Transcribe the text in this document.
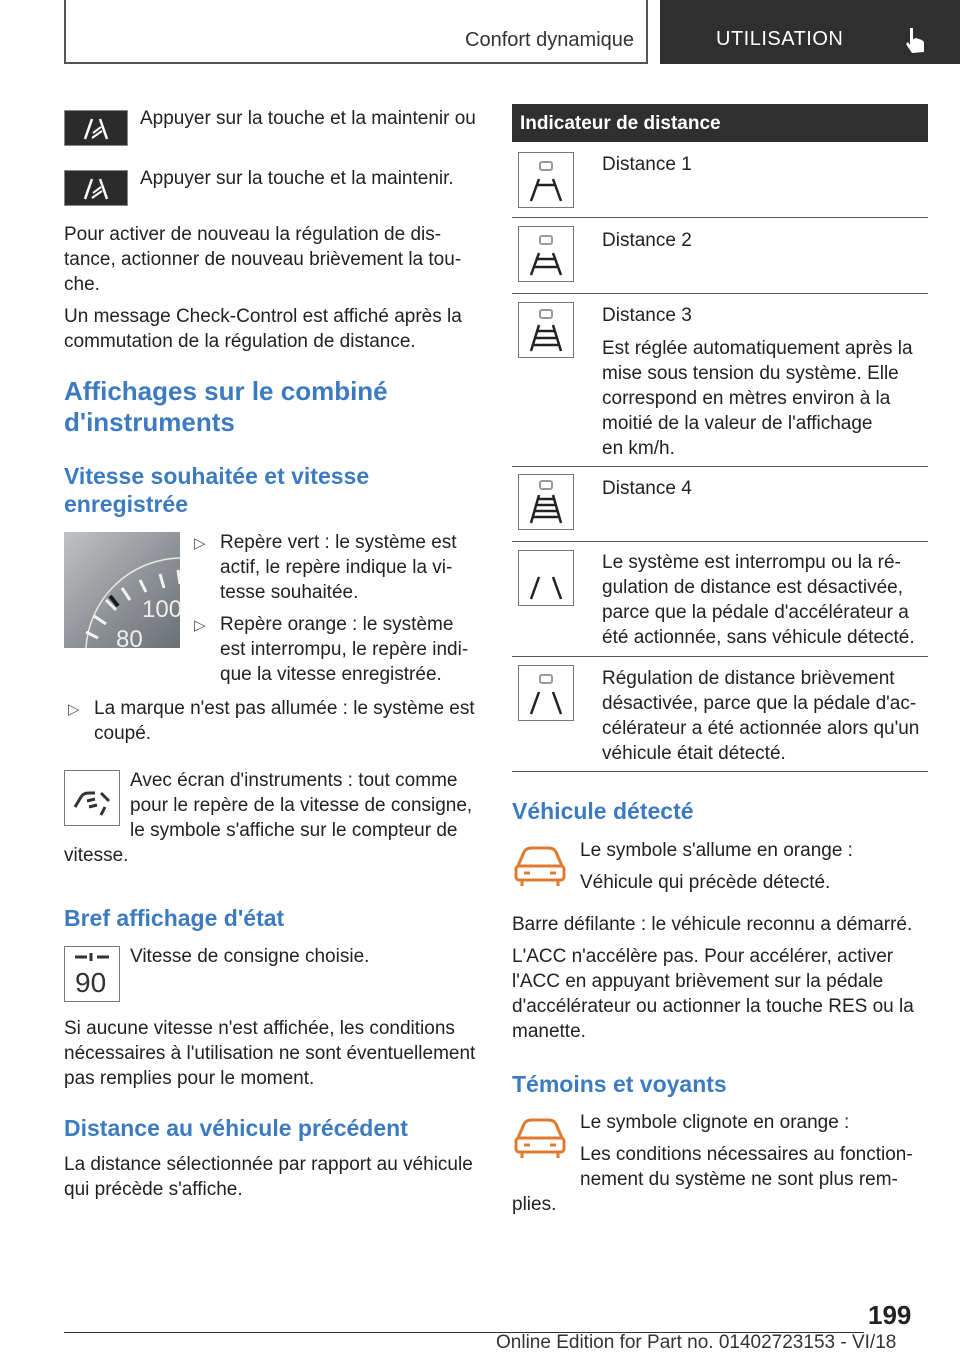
Confort dynamique	UTILISATION
Appuyer sur la touche et la maintenir ou
Appuyer sur la touche et la maintenir.
Pour activer de nouveau la régulation de dis-
tance, actionner de nouveau brièvement la tou-
che.
Un message Check-Control est affiché après la
commutation de la régulation de distance.
Affichages sur le combiné
d'instruments
Vitesse souhaitée et vitesse
enregistrée
100
80
▷ Repère vert : le système est
actif, le repère indique la vi-
tesse souhaitée.
▷ Repère orange : le système
est interrompu, le repère indi-
que la vitesse enregistrée.
▷ La marque n'est pas allumée : le système est
coupé.
Avec écran d'instruments : tout comme
pour le repère de la vitesse de consigne,
le symbole s'affiche sur le compteur de
vitesse.
Bref affichage d'état
90
Vitesse de consigne choisie.
Si aucune vitesse n'est affichée, les conditions
nécessaires à l'utilisation ne sont éventuellement
pas remplies pour le moment.
Distance au véhicule précédent
La distance sélectionnée par rapport au véhicule
qui précède s'affiche.
Indicateur de distance
Distance 1
Distance 2
Distance 3
Est réglée automatiquement après la
mise sous tension du système. Elle
correspond en mètres environ à la
moitié de la valeur de l'affichage
en km/h.
Distance 4
Le système est interrompu ou la ré-
gulation de distance est désactivée,
parce que la pédale d'accélérateur a
été actionnée, sans véhicule détecté.
Régulation de distance brièvement
désactivée, parce que la pédale d'ac-
célérateur a été actionnée alors qu'un
véhicule était détecté.
Véhicule détecté
Le symbole s'allume en orange :
Véhicule qui précède détecté.
Barre défilante : le véhicule reconnu a démarré.
L'ACC n'accélère pas. Pour accélérer, activer
l'ACC en appuyant brièvement sur la pédale
d'accélérateur ou actionner la touche RES ou la
manette.
Témoins et voyants
Le symbole clignote en orange :
Les conditions nécessaires au fonction-
nement du système ne sont plus rem-
plies.
199
Online Edition for Part no. 01402723153 - VI/18
